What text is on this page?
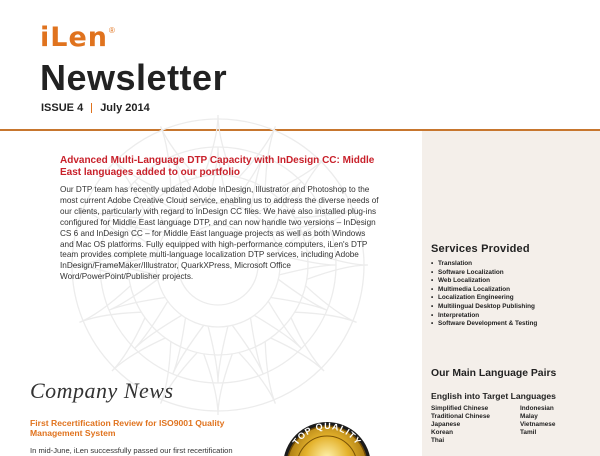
iLen ®
Newsletter
ISSUE 4 July 2014
Advanced Multi-Language DTP Capacity with InDesign CC: Middle East languages added to our portfolio
Our DTP team has recently updated Adobe InDesign, Illustrator and Photoshop to the most current Adobe Creative Cloud service, enabling us to address the diverse needs of our clients, particularly with regard to InDesign CC files. We have also installed plug-ins configured for Middle East language DTP, and can now handle two versions – InDesign CS 6 and InDesign CC – for Middle East language projects as well as both Windows and Mac OS platforms. Fully equipped with high-performance computers, iLen's DTP team provides complete multi-language localization DTP services, including Adobe InDesign/FrameMaker/Illustrator, QuarkXPress, Microsoft Office Word/PowerPoint/Publisher projects.
Company News
First Recertification Review for ISO9001 Quality Management System
In mid-June, iLen successfully passed our first recertification
TOP QUALITY
Services Provided
• Translation
• Software Localization
• Web Localization
• Multimedia Localization
• Localization Engineering
• Multilingual Desktop Publishing
• Interpretation
• Software Development & Testing
Our Main Language Pairs
English into Target Languages
Simplified Chinese	Indonesian
Traditional Chinese	Malay
Japanese	Vietnamese
Korean	Tamil
Thai
